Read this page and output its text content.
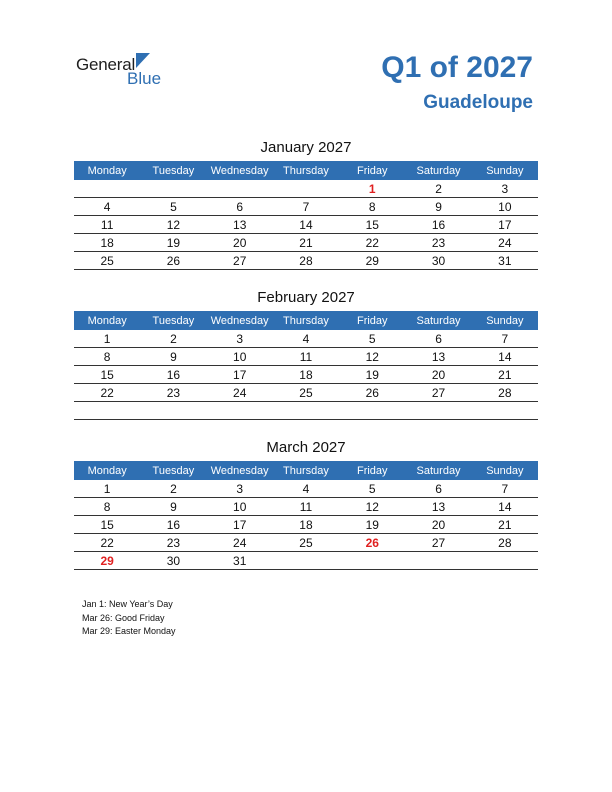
General
Blue	Q1 of 2027
Guadeloupe
January 2027
Monday	Tuesday	Wednesday	Thursday	Friday	Saturday	Sunday
				1	2	3
4	5	6	7	8	9	10
11	12	13	14	15	16	17
18	19	20	21	22	23	24
25	26	27	28	29	30	31
February 2027
Monday	Tuesday	Wednesday	Thursday	Friday	Saturday	Sunday
1	2	3	4	5	6	7
8	9	10	11	12	13	14
15	16	17	18	19	20	21
22	23	24	25	26	27	28

March 2027
Monday	Tuesday	Wednesday	Thursday	Friday	Saturday	Sunday
1	2	3	4	5	6	7
8	9	10	11	12	13	14
15	16	17	18	19	20	21
22	23	24	25	26	27	28
29	30	31				
Jan 1: New Year’s Day
Mar 26: Good Friday
Mar 29: Easter Monday
